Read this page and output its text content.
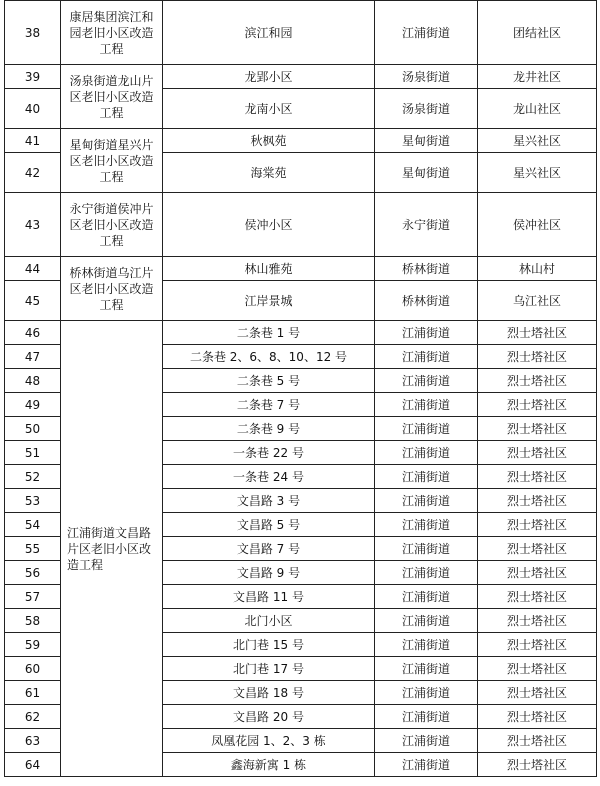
38	康居集团滨江和园老旧小区改造工程	滨江和园	江浦街道	团结社区
39	汤泉街道龙山片区老旧小区改造工程	龙郢小区	汤泉街道	龙井社区
40		龙南小区	汤泉街道	龙山社区
41	星甸街道星兴片区老旧小区改造工程	秋枫苑	星甸街道	星兴社区
42		海棠苑	星甸街道	星兴社区
43	永宁街道侯冲片区老旧小区改造工程	侯冲小区	永宁街道	侯冲社区
44	桥林街道乌江片区老旧小区改造工程	林山雅苑	桥林街道	林山村
45		江岸景城	桥林街道	乌江社区
46	江浦街道文昌路片区老旧小区改造工程	二条巷 1 号	江浦街道	烈士塔社区
47		二条巷 2、6、8、10、12 号	江浦街道	烈士塔社区
48		二条巷 5 号	江浦街道	烈士塔社区
49		二条巷 7 号	江浦街道	烈士塔社区
50		二条巷 9 号	江浦街道	烈士塔社区
51		一条巷 22 号	江浦街道	烈士塔社区
52		一条巷 24 号	江浦街道	烈士塔社区
53		文昌路 3 号	江浦街道	烈士塔社区
54		文昌路 5 号	江浦街道	烈士塔社区
55		文昌路 7 号	江浦街道	烈士塔社区
56		文昌路 9 号	江浦街道	烈士塔社区
57		文昌路 11 号	江浦街道	烈士塔社区
58		北门小区	江浦街道	烈士塔社区
59		北门巷 15 号	江浦街道	烈士塔社区
60		北门巷 17 号	江浦街道	烈士塔社区
61		文昌路 18 号	江浦街道	烈士塔社区
62		文昌路 20 号	江浦街道	烈士塔社区
63		凤凰花园 1、2、3 栋	江浦街道	烈士塔社区
64		鑫海新寓 1 栋	江浦街道	烈士塔社区
